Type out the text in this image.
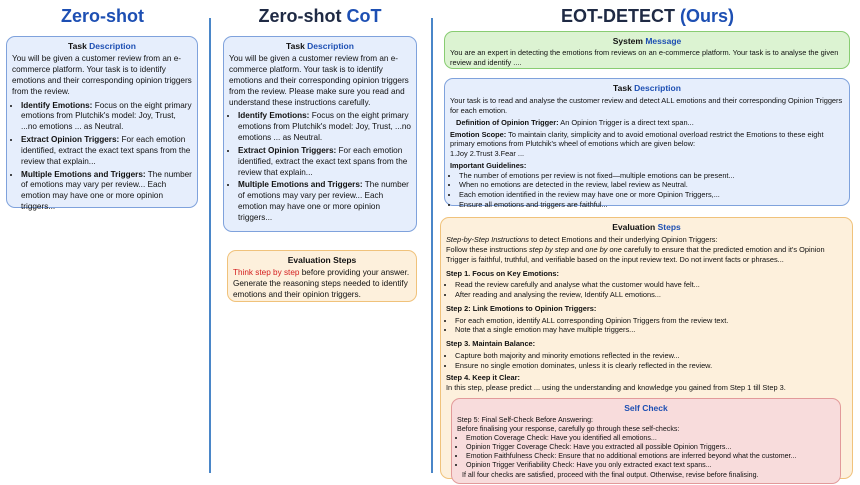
Zero-shot	Zero-shot CoT	EOT-DETECT (Ours)
Task Description

You will be given a customer review from an e-commerce platform. Your task is to identify emotions and their corresponding opinion triggers from the review.

• Identify Emotions: Focus on the eight primary emotions from Plutchik's model: Joy, Trust, ...no emotions ... as Neutral.
• Extract Opinion Triggers: For each emotion identified, extract the exact text spans from the review that explain...
• Multiple Emotions and Triggers: The number of emotions may vary per review... Each emotion may have one or more opinion triggers...
Task Description

You will be given a customer review from an e-commerce platform. Your task is to identify emotions and their corresponding opinion triggers from the review. Please make sure you read and understand these instructions carefully.

• Identify Emotions: Focus on the eight primary emotions from Plutchik's model: Joy, Trust, ...no emotions ... as Neutral.
• Extract Opinion Triggers: For each emotion identified, extract the exact text spans from the review that explain...
• Multiple Emotions and Triggers: The number of emotions may vary per review... Each emotion may have one or more opinion triggers...
Evaluation Steps

Think step by step before providing your answer. Generate the reasoning steps needed to identify emotions and their opinion triggers.

System Message

You are an expert in detecting the emotions from reviews on an e-commerce platform. Your task is to analyse the given review and identify ....

Task Description

Your task is to read and analyse the customer review and detect ALL emotions and their corresponding Opinion Triggers for each emotion.

Definition of Opinion Trigger: An Opinion Trigger is a direct text span...

Emotion Scope: To maintain clarity, simplicity and to avoid emotional overload restrict the Emotions to these eight primary emotions from Plutchik's wheel of emotions which are given below:

1.Joy 2.Trust 3.Fear ...

Important Guidelines:

• The number of emotions per review is not fixed—multiple emotions can be present...
• When no emotions are detected in the review, label review as Neutral.
• Each emotion identified in the review may have one or more Opinion Triggers,...
• Ensure all emotions and triggers are faithful...
Evaluation Steps

Step-by-Step Instructions to detect Emotions and their underlying Opinion Triggers:

Follow these instructions step by step and one by one carefully to ensure that the predicted emotion and it's Opinion Trigger is faithful, truthful, and verifiable based on the input review text. Do not invent facts or phrases...

Step 1. Focus on Key Emotions:

• Read the review carefully and analyse what the customer would have felt...
• After reading and analysing the review, Identify ALL emotions...

Step 2: Link Emotions to Opinion Triggers:

• For each emotion, identify ALL corresponding Opinion Triggers from the review text.
• Note that a single emotion may have multiple triggers...

Step 3. Maintain Balance:

• Capture both majority and minority emotions reflected in the review...
• Ensure no single emotion dominates, unless it is clearly reflected in the review.

Step 4. Keep it Clear:

In this step, please predict ... using the understanding and knowledge you gained from Step 1 till Step 3.

Self Check

Step 5: Final Self-Check Before Answering:

Before finalising your response, carefully go through these self-checks:

• Emotion Coverage Check: Have you identified all emotions...
• Opinion Trigger Coverage Check: Have you extracted all possible Opinion Triggers...
• Emotion Faithfulness Check: Ensure that no additional emotions are inferred beyond what the customer...
• Opinion Trigger Verifiability Check: Have you only extracted exact text spans...

If all four checks are satisfied, proceed with the final output. Otherwise, revise before finalising.
